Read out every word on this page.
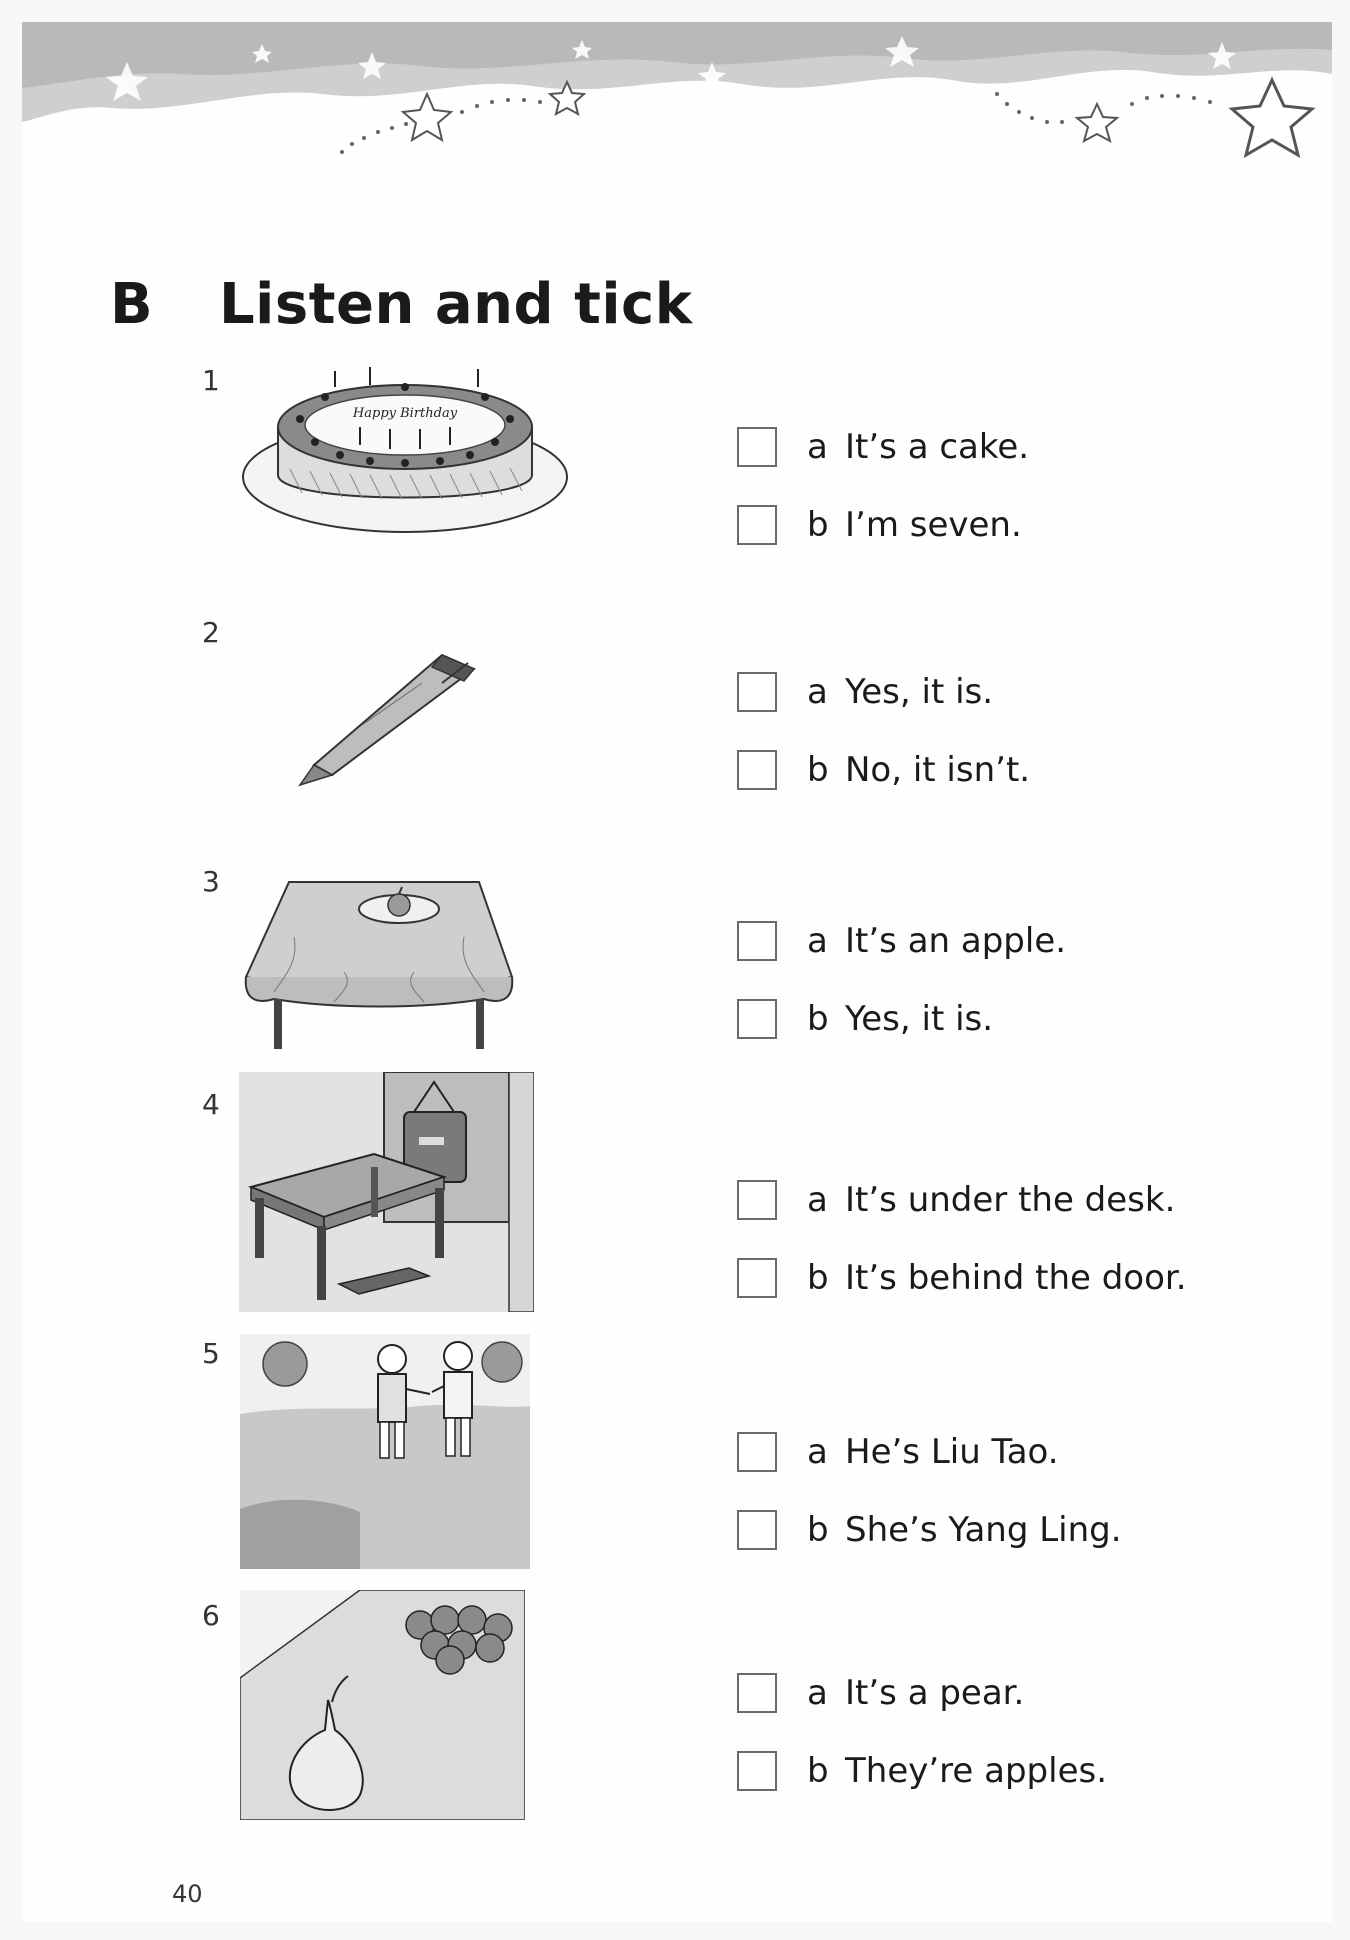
B Listen and tick
1
Happy Birthday
a It’s a cake.
b I’m seven.
2
a Yes, it is.
b No, it isn’t.
3
a It’s an apple.
b Yes, it is.
4
a It’s under the desk.
b It’s behind the door.
5
a He’s Liu Tao.
b She’s Yang Ling.
6
a It’s a pear.
b They’re apples.
40
